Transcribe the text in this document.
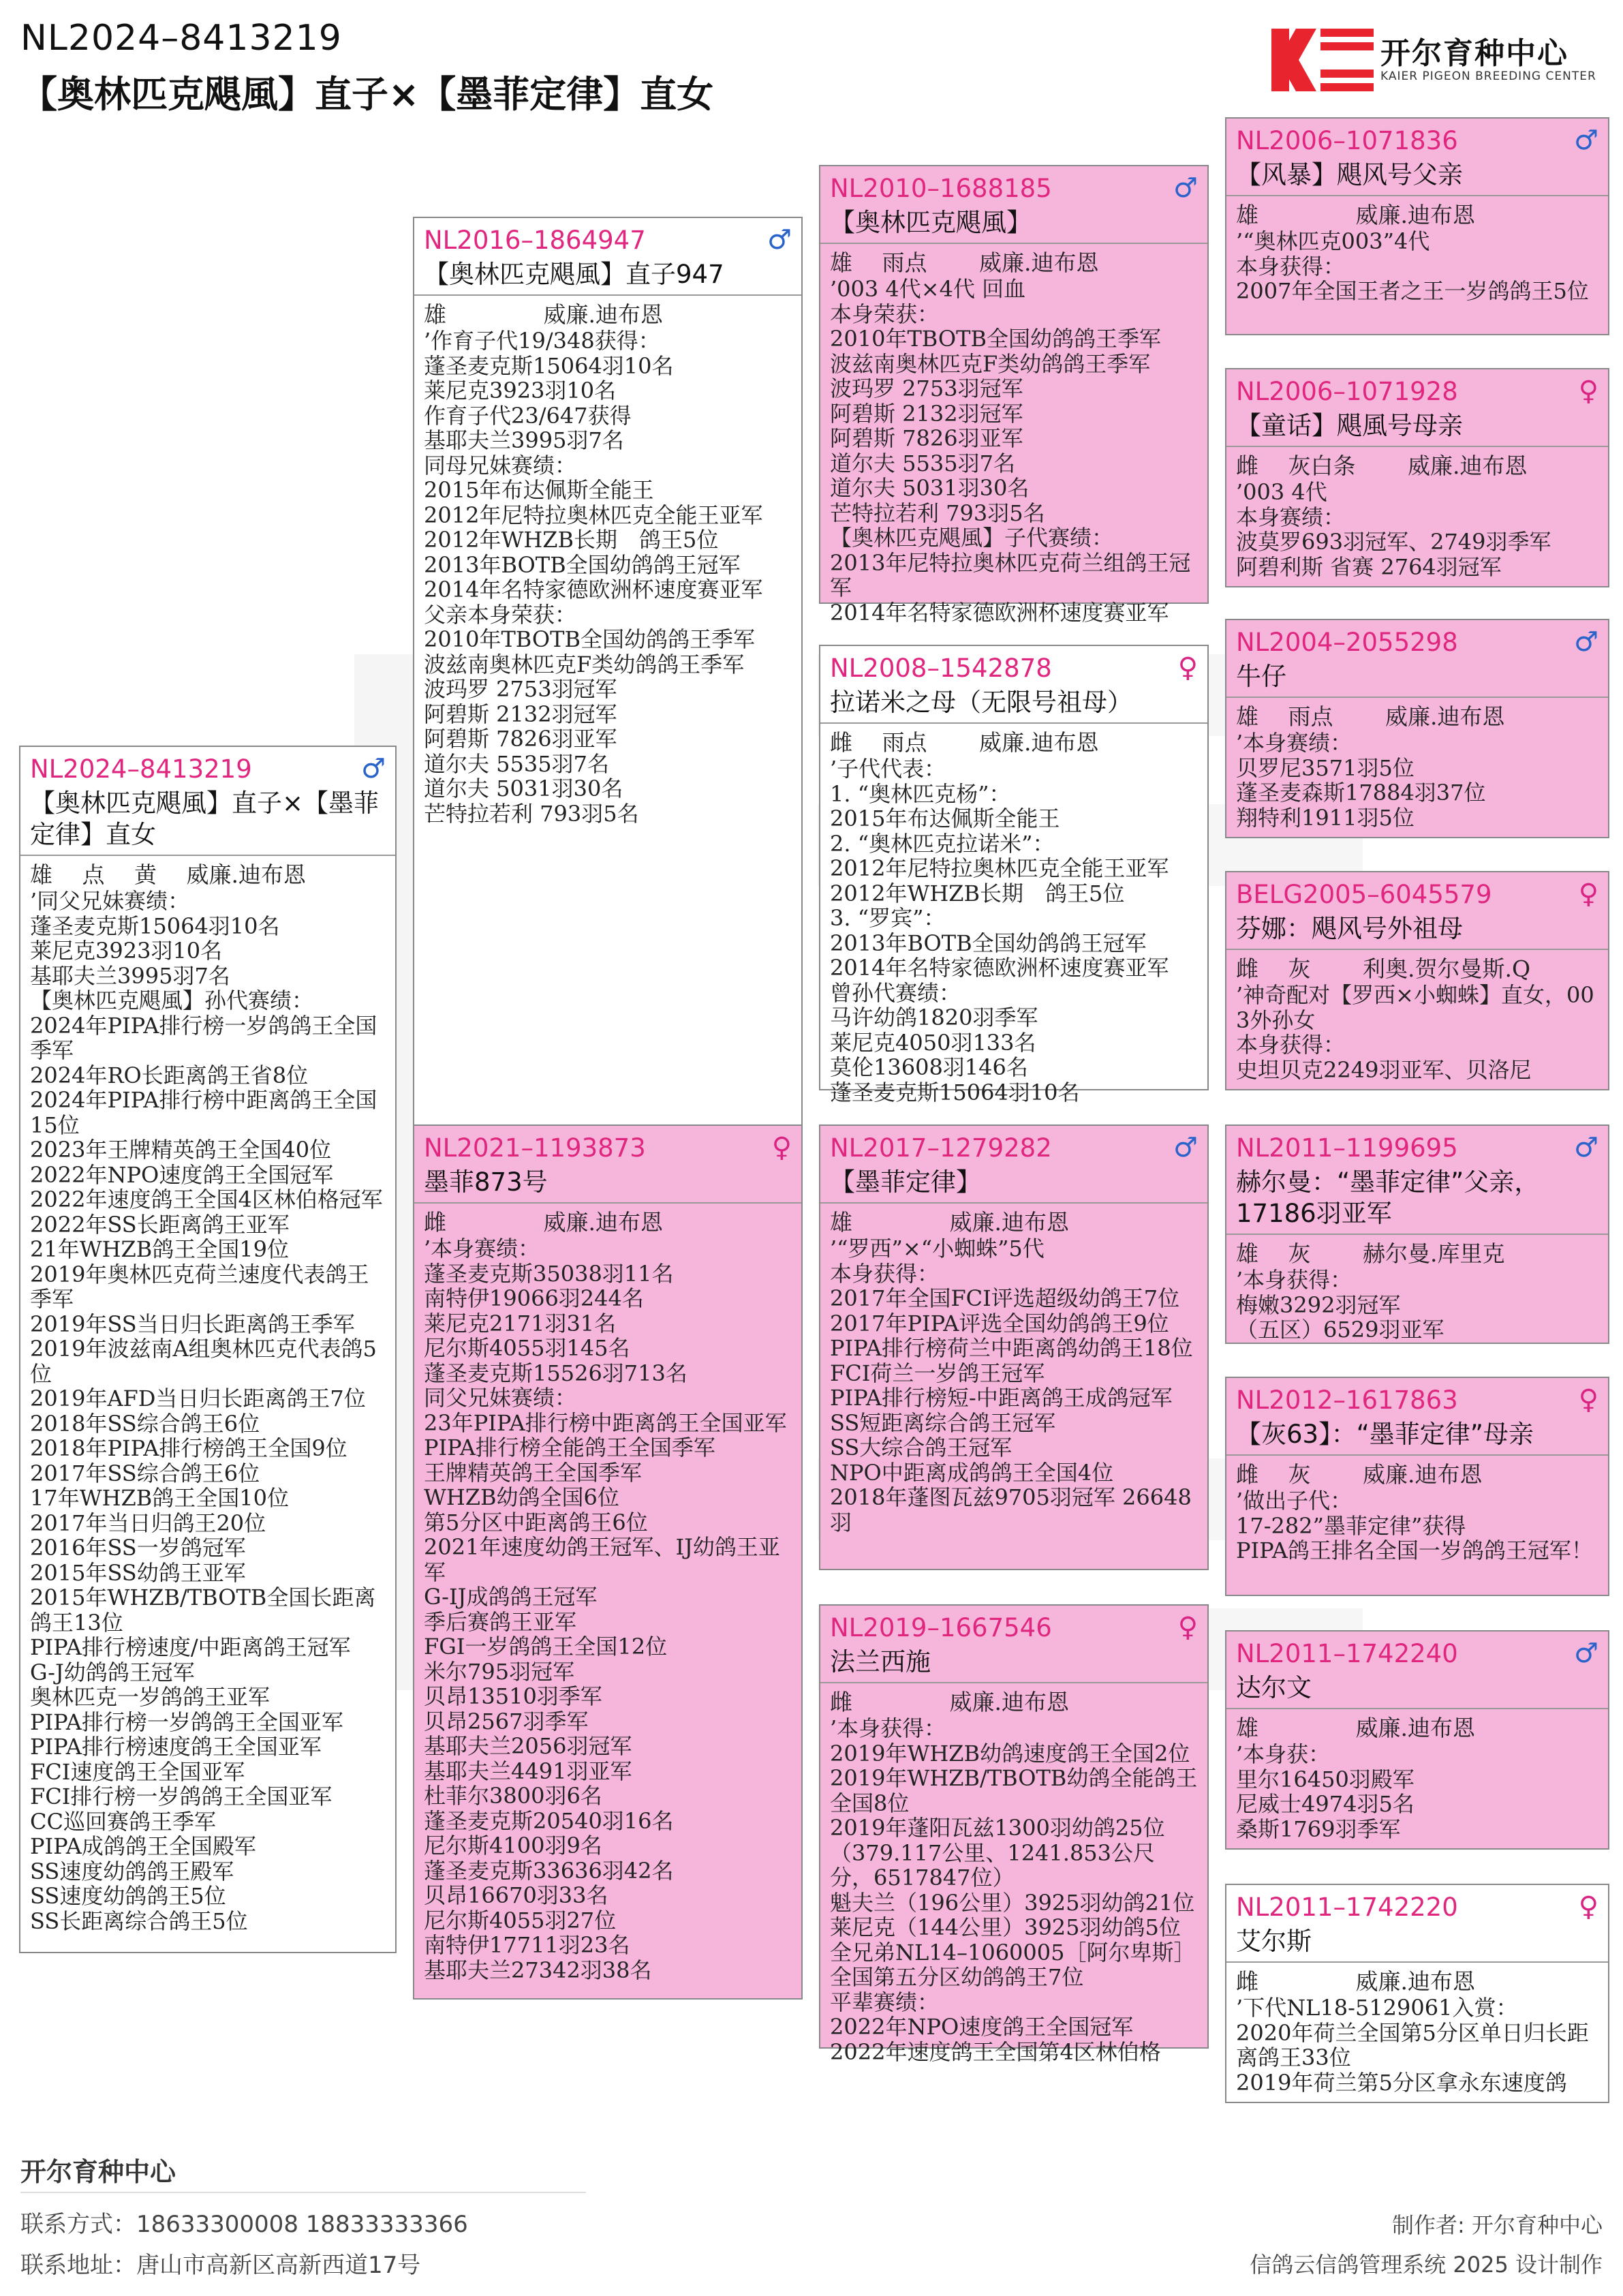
NL2024–8413219
【奥林匹克飓風】直子×【墨菲定律】直女
开尔育种中心
KAIER PIGEON BREEDING CENTER
NL2024–8413219	♂
【奥林匹克飓風】直子×【墨菲定律】直女
雄　 点　 黄　 威廉.迪布恩
’同父兄妹赛绩：
蓬圣麦克斯15064羽10名
莱尼克3923羽10名
基耶夫兰3995羽7名
【奥林匹克飓風】孙代赛绩：
2024年PIPA排行榜一岁鸽鸽王全国季军
2024年RO长距离鸽王省8位
2024年PIPA排行榜中距离鸽王全国15位
2023年王牌精英鸽王全国40位
2022年NPO速度鸽王全国冠军
2022年速度鸽王全国4区林伯格冠军
2022年SS长距离鸽王亚军
21年WHZB鸽王全国19位
2019年奥林匹克荷兰速度代表鸽王季军
2019年SS当日归长距离鸽王季军
2019年波兹南A组奥林匹克代表鸽5位
2019年AFD当日归长距离鸽王7位
2018年SS综合鸽王6位
2018年PIPA排行榜鸽王全国9位
2017年SS综合鸽王6位
17年WHZB鸽王全国10位
2017年当日归鸽王20位
2016年SS一岁鸽冠军
2015年SS幼鸽王亚军
2015年WHZB/TBOTB全国长距离鸽王13位
PIPA排行榜速度/中距离鸽王冠军
G-J幼鸽鸽王冠军
奥林匹克一岁鸽鸽王亚军
PIPA排行榜一岁鸽鸽王全国亚军
PIPA排行榜速度鸽王全国亚军
FCI速度鸽王全国亚军
FCI排行榜一岁鸽鸽王全国亚军
CC巡回赛鸽王季军
PIPA成鸽鸽王全国殿军
SS速度幼鸽鸽王殿军
SS速度幼鸽鸽王5位
SS长距离综合鸽王5位
NL2016–1864947	♂
【奥林匹克飓風】直子947
雄　　　　 威廉.迪布恩
’作育子代19/348获得：
蓬圣麦克斯15064羽10名
莱尼克3923羽10名
作育子代23/647获得
基耶夫兰3995羽7名
同母兄妹赛绩：
2015年布达佩斯全能王
2012年尼特拉奥林匹克全能王亚军
2012年WHZB长期　鸽王5位
2013年BOTB全国幼鸽鸽王冠军
2014年名特家德欧洲杯速度赛亚军
父亲本身荣获：
2010年TBOTB全国幼鸽鸽王季军
波兹南奥林匹克F类幼鸽鸽王季军
波玛罗 2753羽冠军
阿碧斯 2132羽冠军
阿碧斯 7826羽亚军
道尔夫 5535羽7名
道尔夫 5031羽30名
芒特拉若利 793羽5名
NL2021–1193873	♀
墨菲873号
雌　　　　 威廉.迪布恩
’本身赛绩：
蓬圣麦克斯35038羽11名
南特伊19066羽244名
莱尼克2171羽31名
尼尔斯4055羽145名
蓬圣麦克斯15526羽713名
同父兄妹赛绩：
23年PIPA排行榜中距离鸽王全国亚军
PIPA排行榜全能鸽王全国季军
王牌精英鸽王全国季军
WHZB幼鸽全国6位
第5分区中距离鸽王6位
2021年速度幼鸽王冠军、IJ幼鸽王亚军
G-IJ成鸽鸽王冠军
季后赛鸽王亚军
FGI一岁鸽鸽王全国12位
米尔795羽冠军
贝昂13510羽季军
贝昂2567羽季军
基耶夫兰2056羽冠军
基耶夫兰4491羽亚军
杜菲尔3800羽6名
蓬圣麦克斯20540羽16名
尼尔斯4100羽9名
蓬圣麦克斯33636羽42名
贝昂16670羽33名
尼尔斯4055羽27位
南特伊17711羽23名
基耶夫兰27342羽38名
NL2010–1688185	♂
【奥林匹克飓風】
雄　 雨点　　 威廉.迪布恩
’003 4代×4代 回血
本身荣获：
2010年TBOTB全国幼鸽鸽王季军
波兹南奥林匹克F类幼鸽鸽王季军
波玛罗 2753羽冠军
阿碧斯 2132羽冠军
阿碧斯 7826羽亚军
道尔夫 5535羽7名
道尔夫 5031羽30名
芒特拉若利 793羽5名
【奥林匹克飓風】子代赛绩：
2013年尼特拉奥林匹克荷兰组鸽王冠军
2014年名特家德欧洲杯速度赛亚军
NL2008–1542878	♀
拉诺米之母（无限号祖母）
雌　 雨点　　 威廉.迪布恩
’子代代表：
1. “奥林匹克杨”：
2015年布达佩斯全能王
2. “奥林匹克拉诺米”：
2012年尼特拉奥林匹克全能王亚军
2012年WHZB长期　鸽王5位
3. “罗宾”：
2013年BOTB全国幼鸽鸽王冠军
2014年名特家德欧洲杯速度赛亚军
曾孙代赛绩：
马许幼鸽1820羽季军
莱尼克4050羽133名
莫伦13608羽146名
蓬圣麦克斯15064羽10名
NL2017–1279282	♂
【墨菲定律】
雄　　　　 威廉.迪布恩
’“罗西”×“小蜘蛛”5代
本身获得：
2017年全国FCI评选超级幼鸽王7位
2017年PIPA评选全国幼鸽鸽王9位
PIPA排行榜荷兰中距离鸽幼鸽王18位
FCI荷兰一岁鸽王冠军
PIPA排行榜短-中距离鸽王成鸽冠军
SS短距离综合鸽王冠军
SS大综合鸽王冠军
NPO中距离成鸽鸽王全国4位
2018年蓬图瓦兹9705羽冠军 26648羽
NL2019–1667546	♀
法兰西施
雌　　　　 威廉.迪布恩
’本身获得：
2019年WHZB幼鸽速度鸽王全国2位
2019年WHZB/TBOTB幼鸽全能鸽王全国8位
2019年蓬阳瓦兹1300羽幼鸽25位（379.117公里、1241.853公尺分，6517847位）
魁夫兰（196公里）3925羽幼鸽21位
莱尼克（144公里）3925羽幼鸽5位
全兄弟NL14–1060005［阿尔卑斯］全国第五分区幼鸽鸽王7位
平辈赛绩：
2022年NPO速度鸽王全国冠军
2022年速度鸽王全国第4区林伯格
NL2006–1071836	♂
【风暴】飓风号父亲
雄　　　　 威廉.迪布恩
’“奥林匹克003”4代
本身获得：
2007年全国王者之王一岁鸽鸽王5位
NL2006–1071928	♀
【童话】飓風号母亲
雌　 灰白条　　 威廉.迪布恩
’003 4代
本身赛绩：
波莫罗693羽冠军、2749羽季军
阿碧利斯 省赛 2764羽冠军
NL2004–2055298	♂
牛仔
雄　 雨点　　 威廉.迪布恩
’本身赛绩：
贝罗尼3571羽5位
蓬圣麦森斯17884羽37位
翔特利1911羽5位
BELG2005–6045579	♀
芬娜：飓风号外祖母
雌　 灰　　 利奥.贺尔曼斯.Q
’神奇配对【罗西×小蜘蛛】直女，003外孙女
本身获得：
史坦贝克2249羽亚军、贝洛尼
NL2011–1199695	♂
赫尔曼：“墨菲定律”父亲，17186羽亚军
雄　 灰　　 赫尔曼.库里克
’本身获得：
梅嫩3292羽冠军
（五区）6529羽亚军
NL2012–1617863	♀
【灰63】：“墨菲定律”母亲
雌　 灰　　 威廉.迪布恩
’做出子代：
17-282”墨菲定律”获得
PIPA鸽王排名全国一岁鸽鸽王冠军！
NL2011–1742240	♂
达尔文
雄　　　　 威廉.迪布恩
’本身获：
里尔16450羽殿军
尼威士4974羽5名
桑斯1769羽季军
NL2011–1742220	♀
艾尔斯
雌　　　　 威廉.迪布恩
’下代NL18-5129061入赏：
2020年荷兰全国第5分区单日归长距离鸽王33位
2019年荷兰第5分区拿永东速度鸽
开尔育种中心
联系方式：18633300008 18833333366
联系地址：唐山市高新区高新西道17号
制作者: 开尔育种中心
信鸽云信鸽管理系统 2025 设计制作
